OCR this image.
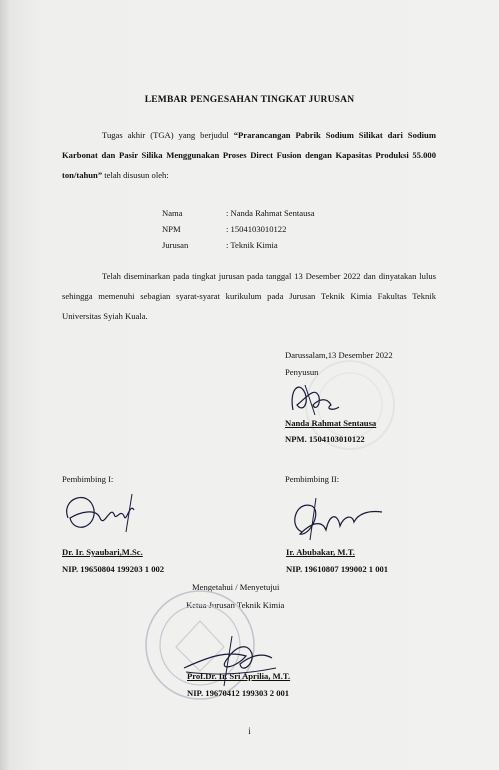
LEMBAR PENGESAHAN TINGKAT JURUSAN
Tugas akhir (TGA) yang berjudul “Prarancangan Pabrik Sodium Silikat dari Sodium Karbonat dan Pasir Silika Menggunakan Proses Direct Fusion dengan Kapasitas Produksi 55.000 ton/tahun” telah disusun oleh:
Nama	: Nanda Rahmat Sentausa
NPM	: 1504103010122
Jurusan	: Teknik Kimia
Telah diseminarkan pada tingkat jurusan pada tanggal 13 Desember 2022 dan dinyatakan lulus sehingga memenuhi sebagian syarat-syarat kurikulum pada Jurusan Teknik Kimia Fakultas Teknik Universitas Syiah Kuala.
Darussalam,13 Desember 2022
Penyusun
Nanda Rahmat Sentausa
NPM. 1504103010122
Pembimbing I:	Pembimbing II:
Dr. Ir. Syaubari,M.Sc.
NIP. 19650804 199203 1 002
Ir. Abubakar, M.T.
NIP. 19610807 199002 1 001
Mengetahui / Menyetujui
Ketua Jurusan Teknik Kimia
Prof.Dr. Ir. Sri Aprilia, M.T.
NIP. 19670412 199303 2 001
i
